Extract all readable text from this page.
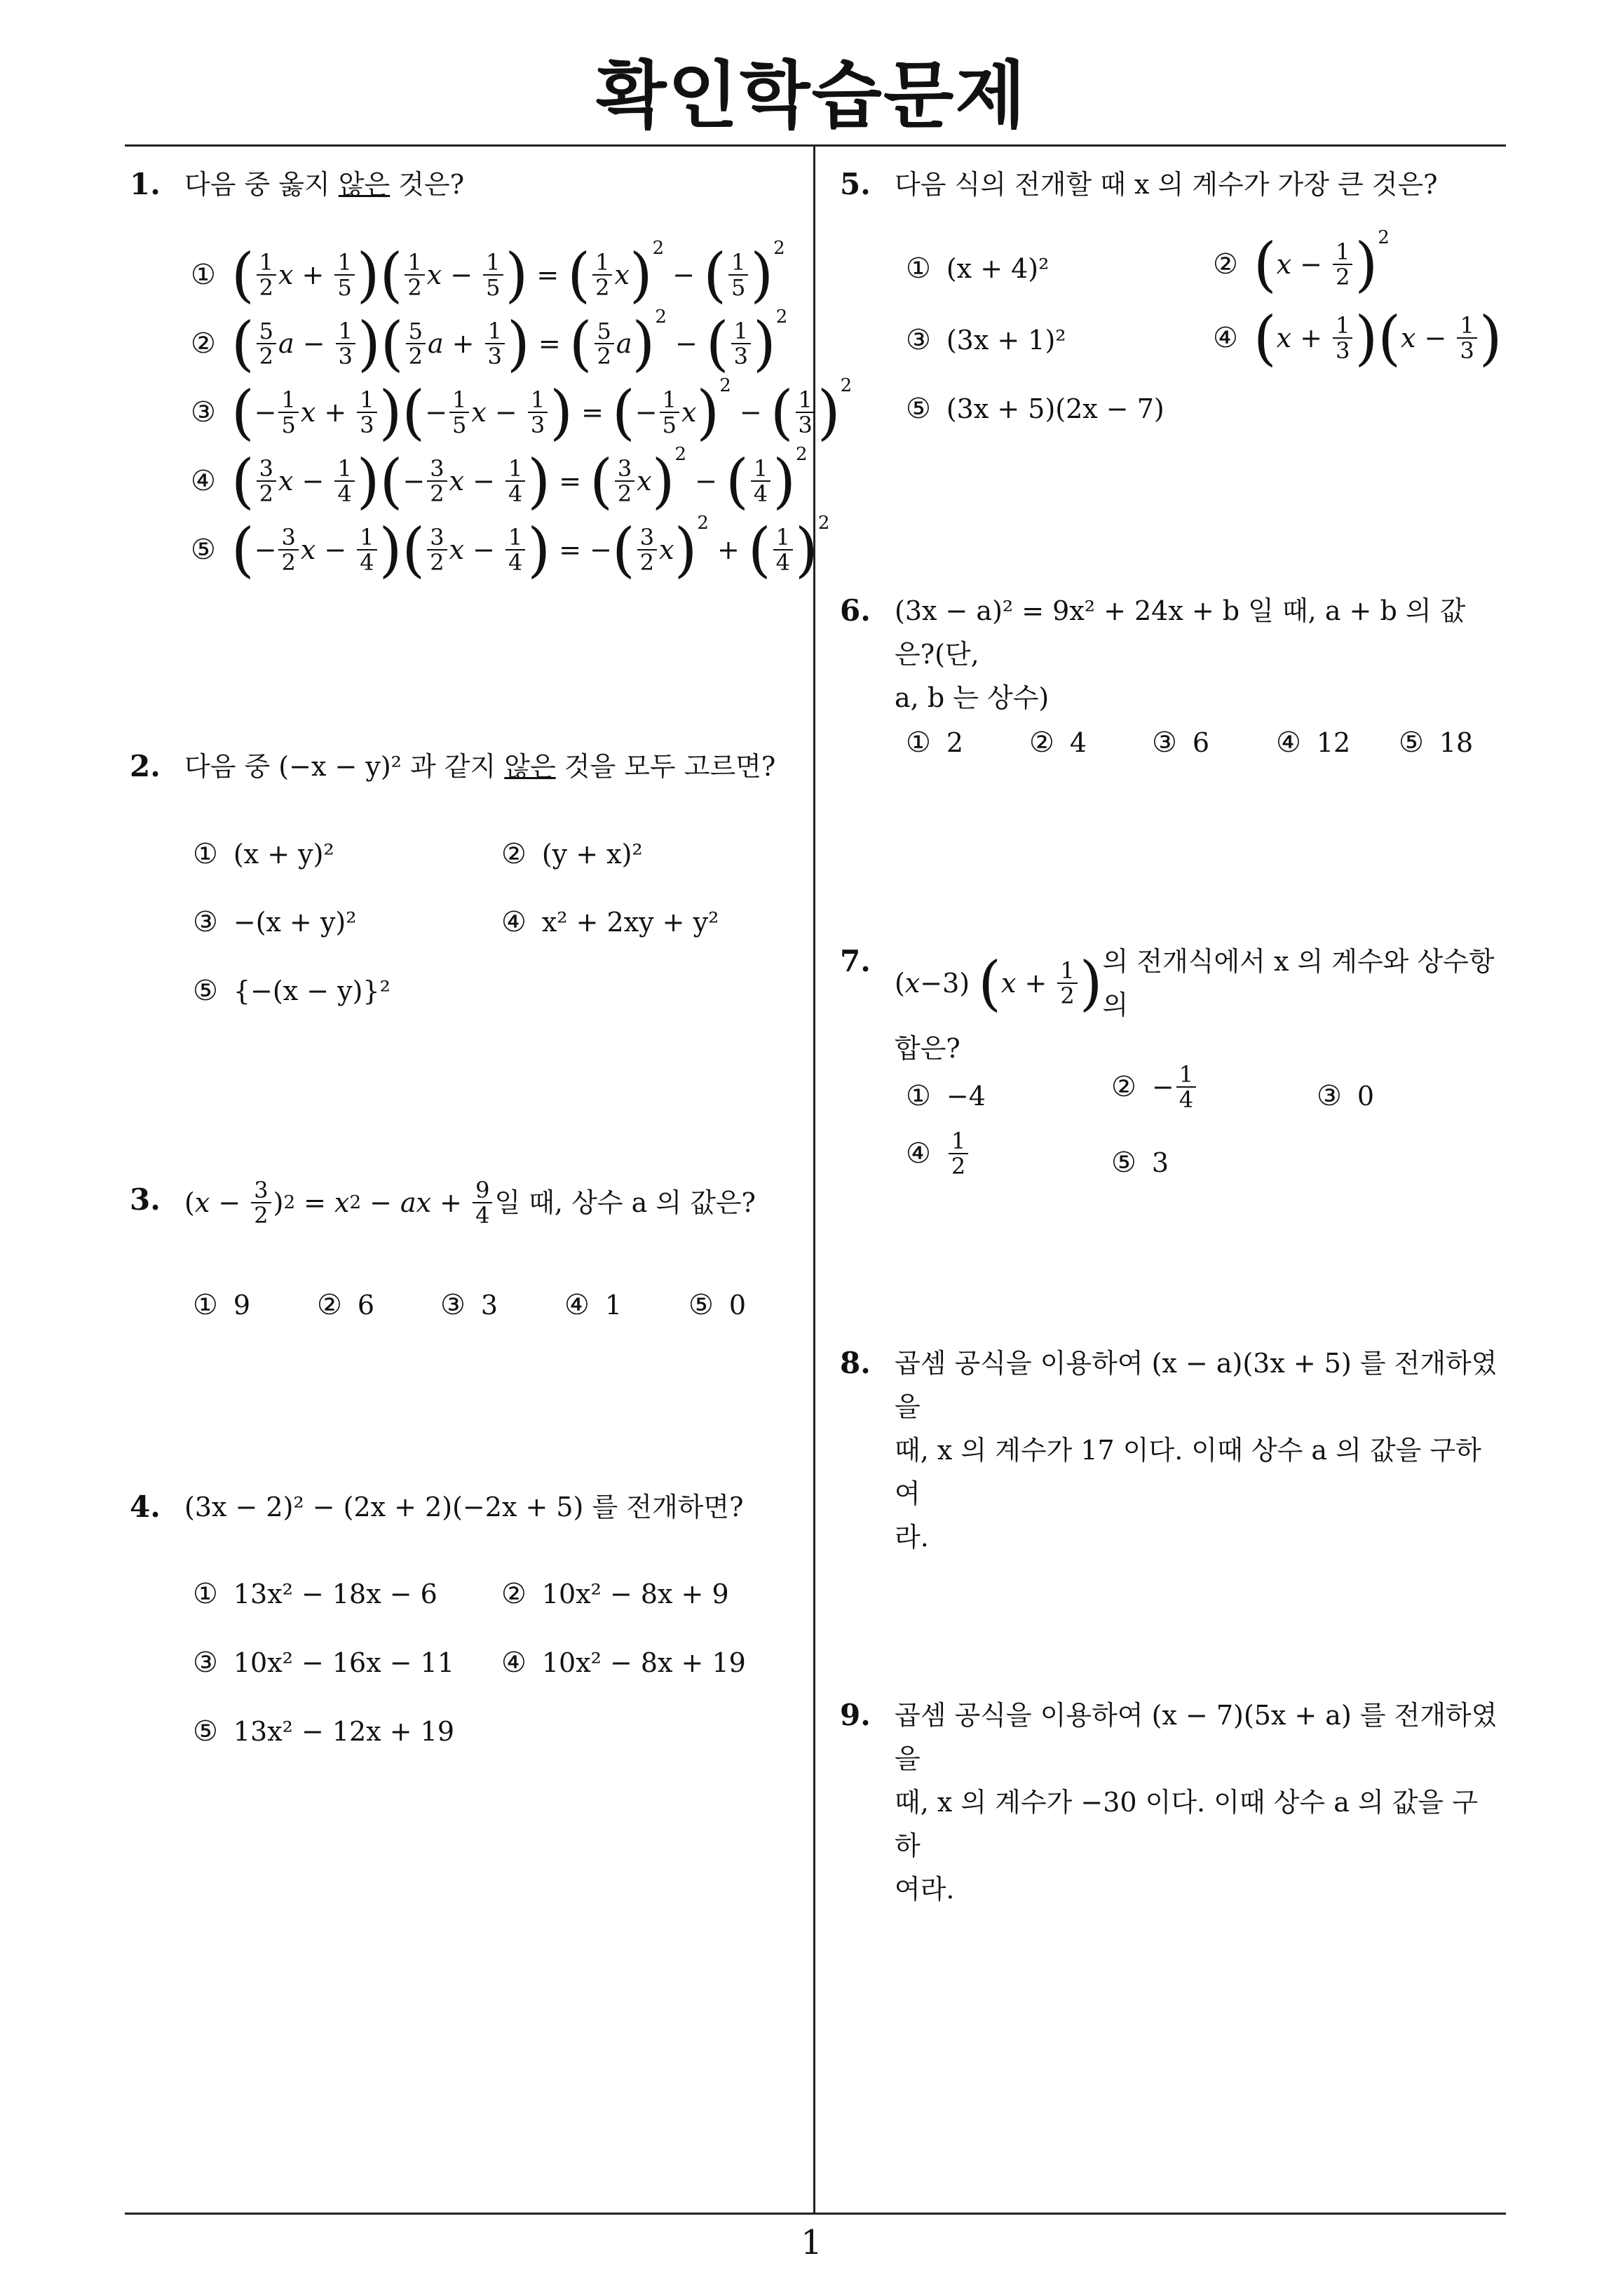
확인학습문제
1
1. 다음 중 옳지 않은 것은?
① ( $\frac{1}{2}$ $x + \frac{1}{5}$ ) ( $\frac{1}{2}$ $x - \frac{1}{5}$ ) = ( $\frac{1}{2}$ x ) 2
− ( $\frac{1}{5}$ ) 2
② ( $\frac{5}{2}$ $a - \frac{1}{3}$ ) ( $\frac{5}{2}$ $a + \frac{1}{3}$ ) = ( $\frac{5}{2}$ a ) 2
− ( $\frac{1}{3}$ ) 2
③ ( − $\frac{1}{5}$ $x + \frac{1}{3}$ ) ( − $\frac{1}{5}$ $x - \frac{1}{3}$ ) = ( − $\frac{1}{5}$ x ) 2
− ( $\frac{1}{3}$ ) 2
④ ( $\frac{3}{2}$ $x - \frac{1}{4}$ ) ( − $\frac{3}{2}$ $x - \frac{1}{4}$ ) = ( $\frac{3}{2}$ x ) 2
− ( $\frac{1}{4}$ ) 2
⑤ ( − $\frac{3}{2}$ $x - \frac{1}{4}$ ) ( $\frac{3}{2}$ $x - \frac{1}{4}$ ) = − ( $\frac{3}{2}$ x ) 2
+ ( $\frac{1}{4}$ ) 2
2. 다음 중 (−x − y)² 과 같지 않은 것을 모두 고르면?
① (x + y)²	② (y + x)²
③ −(x + y)²	④ x² + 2xy + y²
⑤ {−(x − y)}²
3. ( $x - \frac{3}{2}$ ) 2 = x 2 − ax + $\frac{9}{4}$ 일 때, 상수 a 의 값은?
① 9 ② 6 ③ 3 ④ 1 ⑤ 0
4. (3x − 2)² − (2x + 2)(−2x + 5) 를 전개하면?
① 13x² − 18x − 6 ② 10x² − 8x + 9
③ 10x² − 16x − 11 ④ 10x² − 8x + 19
⑤ 13x² − 12x + 19
5. 다음 식의 전개할 때 x 의 계수가 가장 큰 것은?
① (x + 4)²	② ( $x - \frac{1}{2}$ ) 2
③ (3x + 1)²	④ ( $x + \frac{1}{3}$ ) ( $x - \frac{1}{3}$ )
⑤ (3x + 5)(2x − 7)
6. (3x − a)² = 9x² + 24x + b 일 때, a + b 의 값은?(단,
a, b 는 상수)
① 2 ② 4 ③ 6 ④ 12 ⑤ 18
7.
( x −3) ( $x + \frac{1}{2}$ ) 의 전개식에서 x 의 계수와 상수항의
합은?
① −4	② − $\frac{1}{4}$	③ 0
④ $\frac{1}{2}$	⑤ 3
8. 곱셈 공식을 이용하여 (x − a)(3x + 5) 를 전개하였을
때, x 의 계수가 17 이다. 이때 상수 a 의 값을 구하여
라.
9. 곱셈 공식을 이용하여 (x − 7)(5x + a) 를 전개하였을
때, x 의 계수가 −30 이다. 이때 상수 a 의 값을 구하
여라.
